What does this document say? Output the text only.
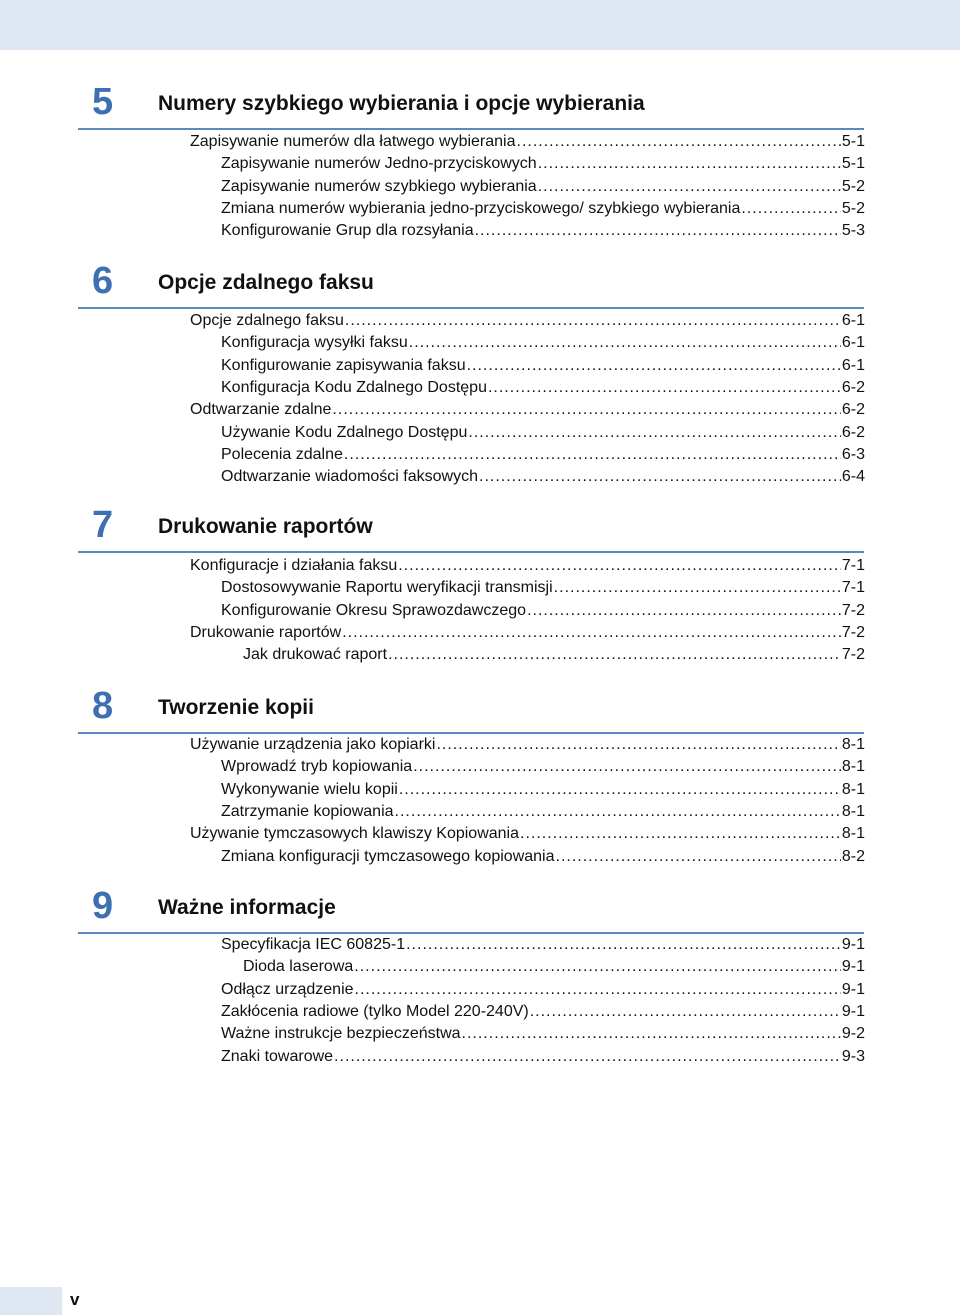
5 Numery szybkiego wybierania i opcje wybierania
Zapisywanie numerów dla łatwego wybierania .....	5-1
Zapisywanie numerów Jedno-przyciskowych .....	5-1
Zapisywanie numerów szybkiego wybierania .....	5-2
Zmiana numerów wybierania jedno-przyciskowego/ szybkiego wybierania .....	5-2
Konfigurowanie Grup dla rozsyłania .....	5-3
6 Opcje zdalnego faksu
Opcje zdalnego faksu .....	6-1
Konfiguracja wysyłki faksu .....	6-1
Konfigurowanie zapisywania faksu .....	6-1
Konfiguracja Kodu Zdalnego Dostępu .....	6-2
Odtwarzanie zdalne .....	6-2
Używanie Kodu Zdalnego Dostępu .....	6-2
Polecenia zdalne .....	6-3
Odtwarzanie wiadomości faksowych .....	6-4
7 Drukowanie raportów
Konfiguracje i działania faksu .....	7-1
Dostosowywanie Raportu weryfikacji transmisji .....	7-1
Konfigurowanie Okresu Sprawozdawczego .....	7-2
Drukowanie raportów .....	7-2
Jak drukować raport .....	7-2
8 Tworzenie kopii
Używanie urządzenia jako kopiarki .....	8-1
Wprowadź tryb kopiowania .....	8-1
Wykonywanie wielu kopii .....	8-1
Zatrzymanie kopiowania .....	8-1
Używanie tymczasowych klawiszy Kopiowania .....	8-1
Zmiana konfiguracji tymczasowego kopiowania .....	8-2
9 Ważne informacje
Specyfikacja IEC 60825-1 .....	9-1
Dioda laserowa .....	9-1
Odłącz urządzenie .....	9-1
Zakłócenia radiowe (tylko Model 220-240V) .....	9-1
Ważne instrukcje bezpieczeństwa .....	9-2
Znaki towarowe .....	9-3
v
